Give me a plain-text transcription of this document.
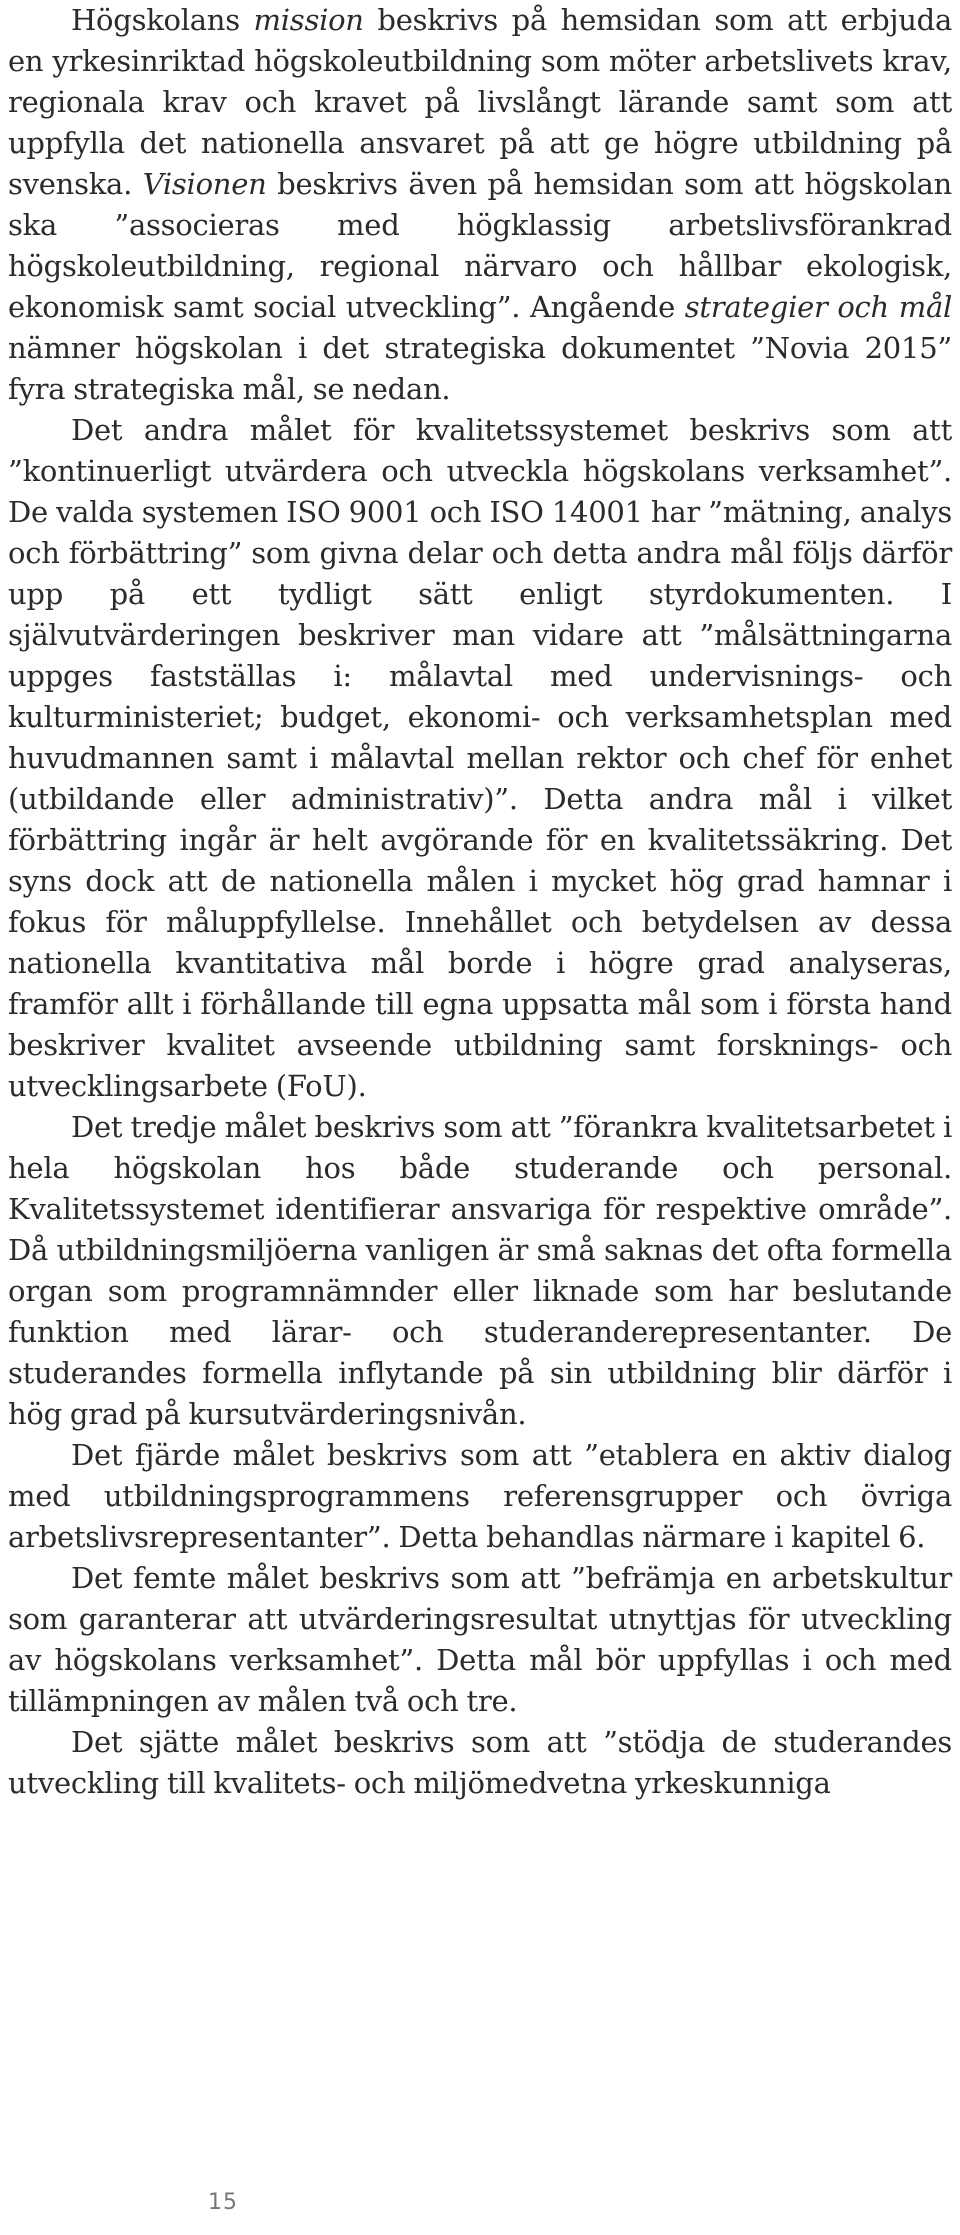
Högskolans mission beskrivs på hemsidan som att erbjuda en yrkesinriktad högskoleutbildning som möter arbetslivets krav, regionala krav och kravet på livslångt lärande samt som att uppfylla det nationella ansvaret på att ge högre utbildning på svenska. Visionen beskrivs även på hemsidan som att högskolan ska ”associeras med högklassig arbetslivsförankrad högskoleutbildning, regional närvaro och hållbar ekologisk, ekonomisk samt social utveckling”. Angående strategier och mål nämner högskolan i det strategiska dokumentet ”Novia 2015” fyra strategiska mål, se nedan.

Det andra målet för kvalitetssystemet beskrivs som att ”kontinuerligt utvärdera och utveckla högskolans verksamhet”. De valda systemen ISO 9001 och ISO 14001 har ”mätning, analys och förbättring” som givna delar och detta andra mål följs därför upp på ett tydligt sätt enligt styrdokumenten. I självutvärderingen beskriver man vidare att ”målsättningarna uppges fastställas i: målavtal med undervisnings- och kulturministeriet; budget, ekonomi- och verksamhetsplan med huvudmannen samt i målavtal mellan rektor och chef för enhet (utbildande eller administrativ)”. Detta andra mål i vilket förbättring ingår är helt avgörande för en kvalitetssäkring. Det syns dock att de nationella målen i mycket hög grad hamnar i fokus för måluppfyllelse. Innehållet och betydelsen av dessa nationella kvantitativa mål borde i högre grad analyseras, framför allt i förhållande till egna uppsatta mål som i första hand beskriver kvalitet avseende utbildning samt forsknings- och utvecklingsarbete (FoU).

Det tredje målet beskrivs som att ”förankra kvalitetsarbetet i hela högskolan hos både studerande och personal. Kvalitetssystemet identifierar ansvariga för respektive område”. Då utbildningsmiljöerna vanligen är små saknas det ofta formella organ som programnämnder eller liknade som har beslutande funktion med lärar- och studeranderepresentanter. De studerandes formella inflytande på sin utbildning blir därför i hög grad på kursutvärderingsnivån.

Det fjärde målet beskrivs som att ”etablera en aktiv dialog med utbildningsprogrammens referensgrupper och övriga arbetslivsrepresentanter”. Detta behandlas närmare i kapitel 6.

Det femte målet beskrivs som att ”befrämja en arbetskultur som garanterar att utvärderingsresultat utnyttjas för utveckling av högskolans verksamhet”. Detta mål bör uppfyllas i och med tillämpningen av målen två och tre.

Det sjätte målet beskrivs som att ”stödja de studerandes utveckling till kvalitets- och miljömedvetna yrkeskunniga

15
